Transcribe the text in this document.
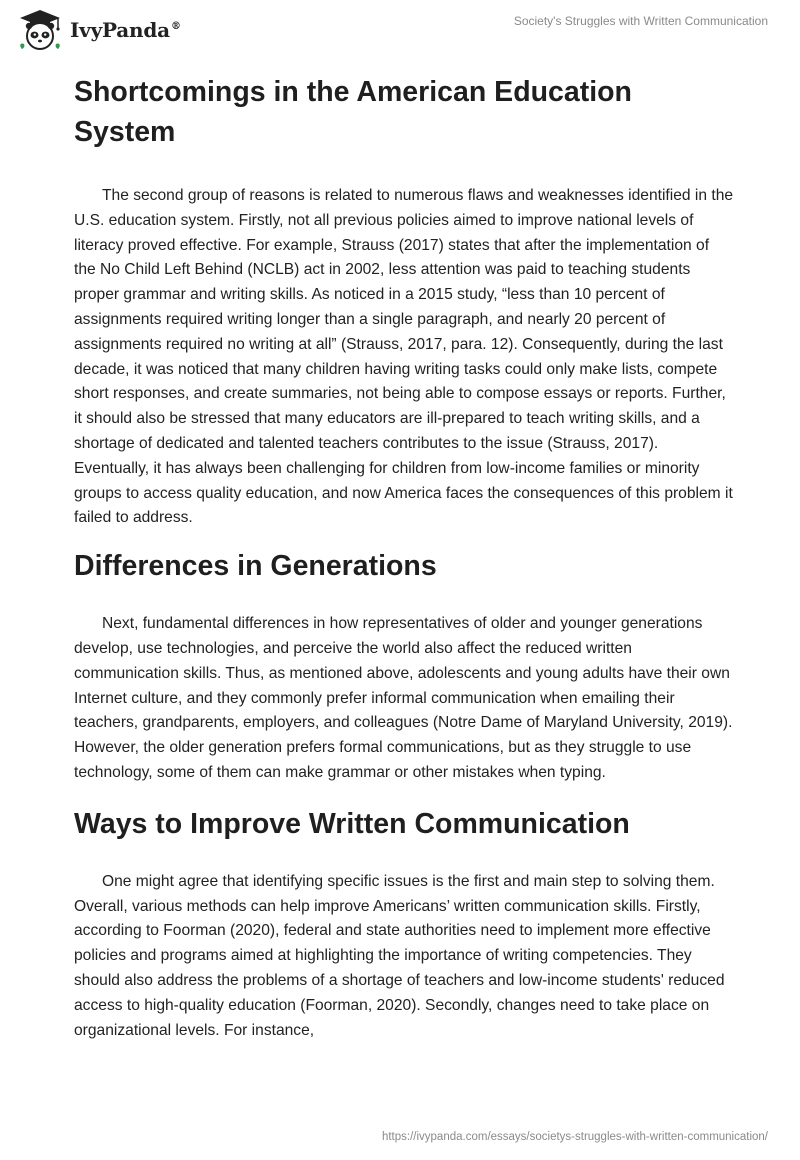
IvyPanda®	Society's Struggles with Written Communication
Shortcomings in the American Education System

The second group of reasons is related to numerous flaws and weaknesses identified in the U.S. education system. Firstly, not all previous policies aimed to improve national levels of literacy proved effective. For example, Strauss (2017) states that after the implementation of the No Child Left Behind (NCLB) act in 2002, less attention was paid to teaching students proper grammar and writing skills. As noticed in a 2015 study, “less than 10 percent of assignments required writing longer than a single paragraph, and nearly 20 percent of assignments required no writing at all” (Strauss, 2017, para. 12). Consequently, during the last decade, it was noticed that many children having writing tasks could only make lists, compete short responses, and create summaries, not being able to compose essays or reports. Further, it should also be stressed that many educators are ill-prepared to teach writing skills, and a shortage of dedicated and talented teachers contributes to the issue (Strauss, 2017). Eventually, it has always been challenging for children from low-income families or minority groups to access quality education, and now America faces the consequences of this problem it failed to address.

Differences in Generations

Next, fundamental differences in how representatives of older and younger generations develop, use technologies, and perceive the world also affect the reduced written communication skills. Thus, as mentioned above, adolescents and young adults have their own Internet culture, and they commonly prefer informal communication when emailing their teachers, grandparents, employers, and colleagues (Notre Dame of Maryland University, 2019). However, the older generation prefers formal communications, but as they struggle to use technology, some of them can make grammar or other mistakes when typing.

Ways to Improve Written Communication

One might agree that identifying specific issues is the first and main step to solving them. Overall, various methods can help improve Americans’ written communication skills. Firstly, according to Foorman (2020), federal and state authorities need to implement more effective policies and programs aimed at highlighting the importance of writing competencies. They should also address the problems of a shortage of teachers and low-income students' reduced access to high-quality education (Foorman, 2020). Secondly, changes need to take place on organizational levels. For instance,

https://ivypanda.com/essays/societys-struggles-with-written-communication/
